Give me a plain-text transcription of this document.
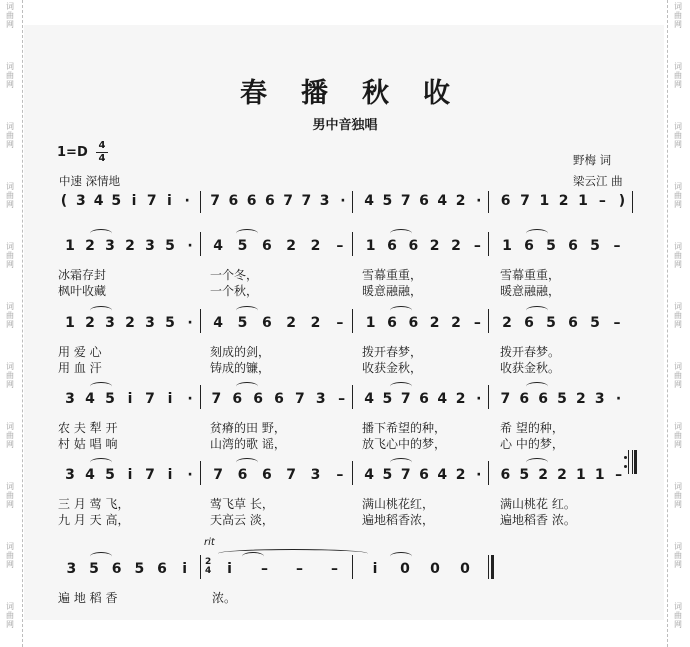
词
曲
网
词
曲
网
词
曲
网
词
曲
网
词
曲
网
词
曲
网
词
曲
网
词
曲
网
词
曲
网
词
曲
网
词
曲
网
词
曲
网
词
曲
网
词
曲
网
词
曲
网
词
曲
网
词
曲
网
词
曲
网
词
曲
网
词
曲
网
词
曲
网
词
曲
网
春播秋收
男中音独唱
1=D 4
4
中速 深情地
野梅 词
梁云江 曲
(	)
3 4 5 i 7 i ·	7 6 6 6 7 7 3 ·	4 5 7 6 4 2 ·	6 7 1 2 1 –
1 2 3 2 3 5 ·	4 5 6 2 2 – 1 6 6 2 2 – 1 6 5 6 5 –
冰霜存封	一个冬，	雪幕重重，	雪幕重重，
枫叶收藏	一个秋，	暖意融融，	暖意融融，
1 2 3 2 3 5 ·	4 5 6 2 2 – 1 6 6 2 2 – 2 6 5 6 5 –
用 爱 心	刻成的剑，	拨开春梦，	拨开春梦。
用 血 汗	铸成的镰，	收获金秋，	收获金秋。
3 4 5 i 7 i	·	7 6 6 6 7 3 – 4 5 7 6 4 2 ·	7 6 6 5 2 3 ·
农 夫 犁 开	贫瘠的田 野，	播下希望的种，	希 望的种，
村 姑 唱 响	山湾的歌 谣，	放飞心中的梦，	心 中的梦，
3 4 5 i 7 i	·	7 6 6 7 3 – 4 5 7 6 4 2 ·	6 5 2 2 1 1 –
三 月 莺 飞，	莺飞草 长，	满山桃花红，	满山桃花 红。
九 月 天 高，	天高云 淡，	遍地稻香浓，	遍地稻香 浓。
3 5 6 5 6	i	i	– – –	i	0 0 0
遍 地 稻 香	浓。
rit
2
4
